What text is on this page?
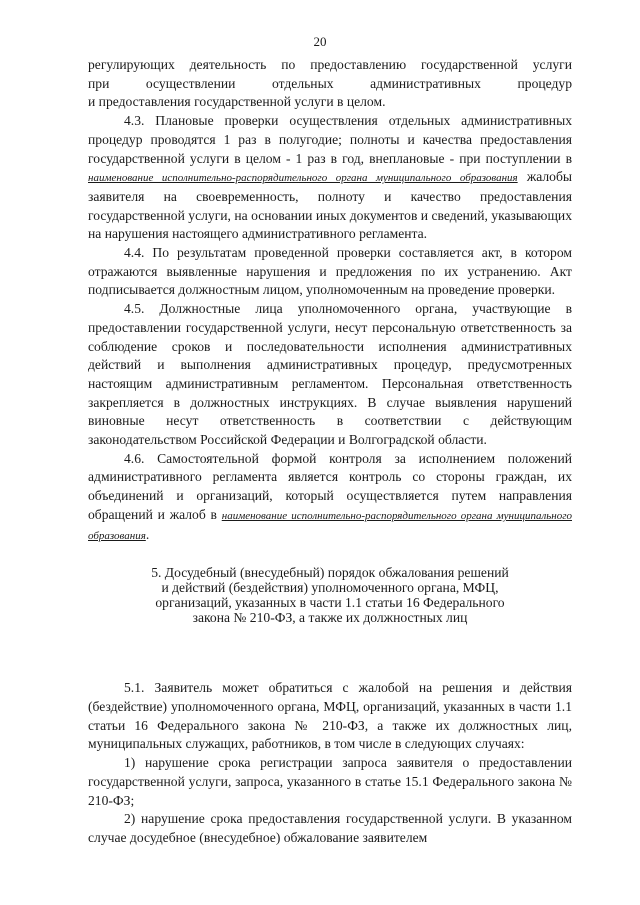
20

регулирующих деятельность по предоставлению государственной услуги
при осуществлении отдельных административных процедур
и предоставления государственной услуги в целом.

4.3. Плановые проверки осуществления отдельных административных процедур проводятся 1 раз в полугодие; полноты и качества предоставления государственной услуги в целом - 1 раз в год, внеплановые - при поступлении в наименование исполнительно-распорядительного органа муниципального образования жалобы заявителя на своевременность, полноту и качество предоставления государственной услуги, на основании иных документов и сведений, указывающих на нарушения настоящего административного регламента.

4.4. По результатам проведенной проверки составляется акт, в котором отражаются выявленные нарушения и предложения по их устранению. Акт подписывается должностным лицом, уполномоченным на проведение проверки.

4.5. Должностные лица уполномоченного органа, участвующие в предоставлении государственной услуги, несут персональную ответственность за соблюдение сроков и последовательности исполнения административных действий и выполнения административных процедур, предусмотренных настоящим административным регламентом. Персональная ответственность закрепляется в должностных инструкциях. В случае выявления нарушений виновные несут ответственность в соответствии с действующим законодательством Российской Федерации и Волгоградской области.

4.6. Самостоятельной формой контроля за исполнением положений административного регламента является контроль со стороны граждан, их объединений и организаций, который осуществляется путем направления обращений и жалоб в наименование исполнительно-распорядительного органа муниципального образования.

5. Досудебный (внесудебный) порядок обжалования решений
и действий (бездействия) уполномоченного органа, МФЦ,
организаций, указанных в части 1.1 статьи 16 Федерального
закона № 210-ФЗ, а также их должностных лиц

5.1. Заявитель может обратиться с жалобой на решения и действия (бездействие) уполномоченного органа, МФЦ, организаций, указанных в части 1.1 статьи 16 Федерального закона № 210-ФЗ, а также их должностных лиц, муниципальных служащих, работников, в том числе в следующих случаях:

1) нарушение срока регистрации запроса заявителя о предоставлении государственной услуги, запроса, указанного в статье 15.1 Федерального закона № 210-ФЗ;

2) нарушение срока предоставления государственной услуги. В указанном случае досудебное (внесудебное) обжалование заявителем
